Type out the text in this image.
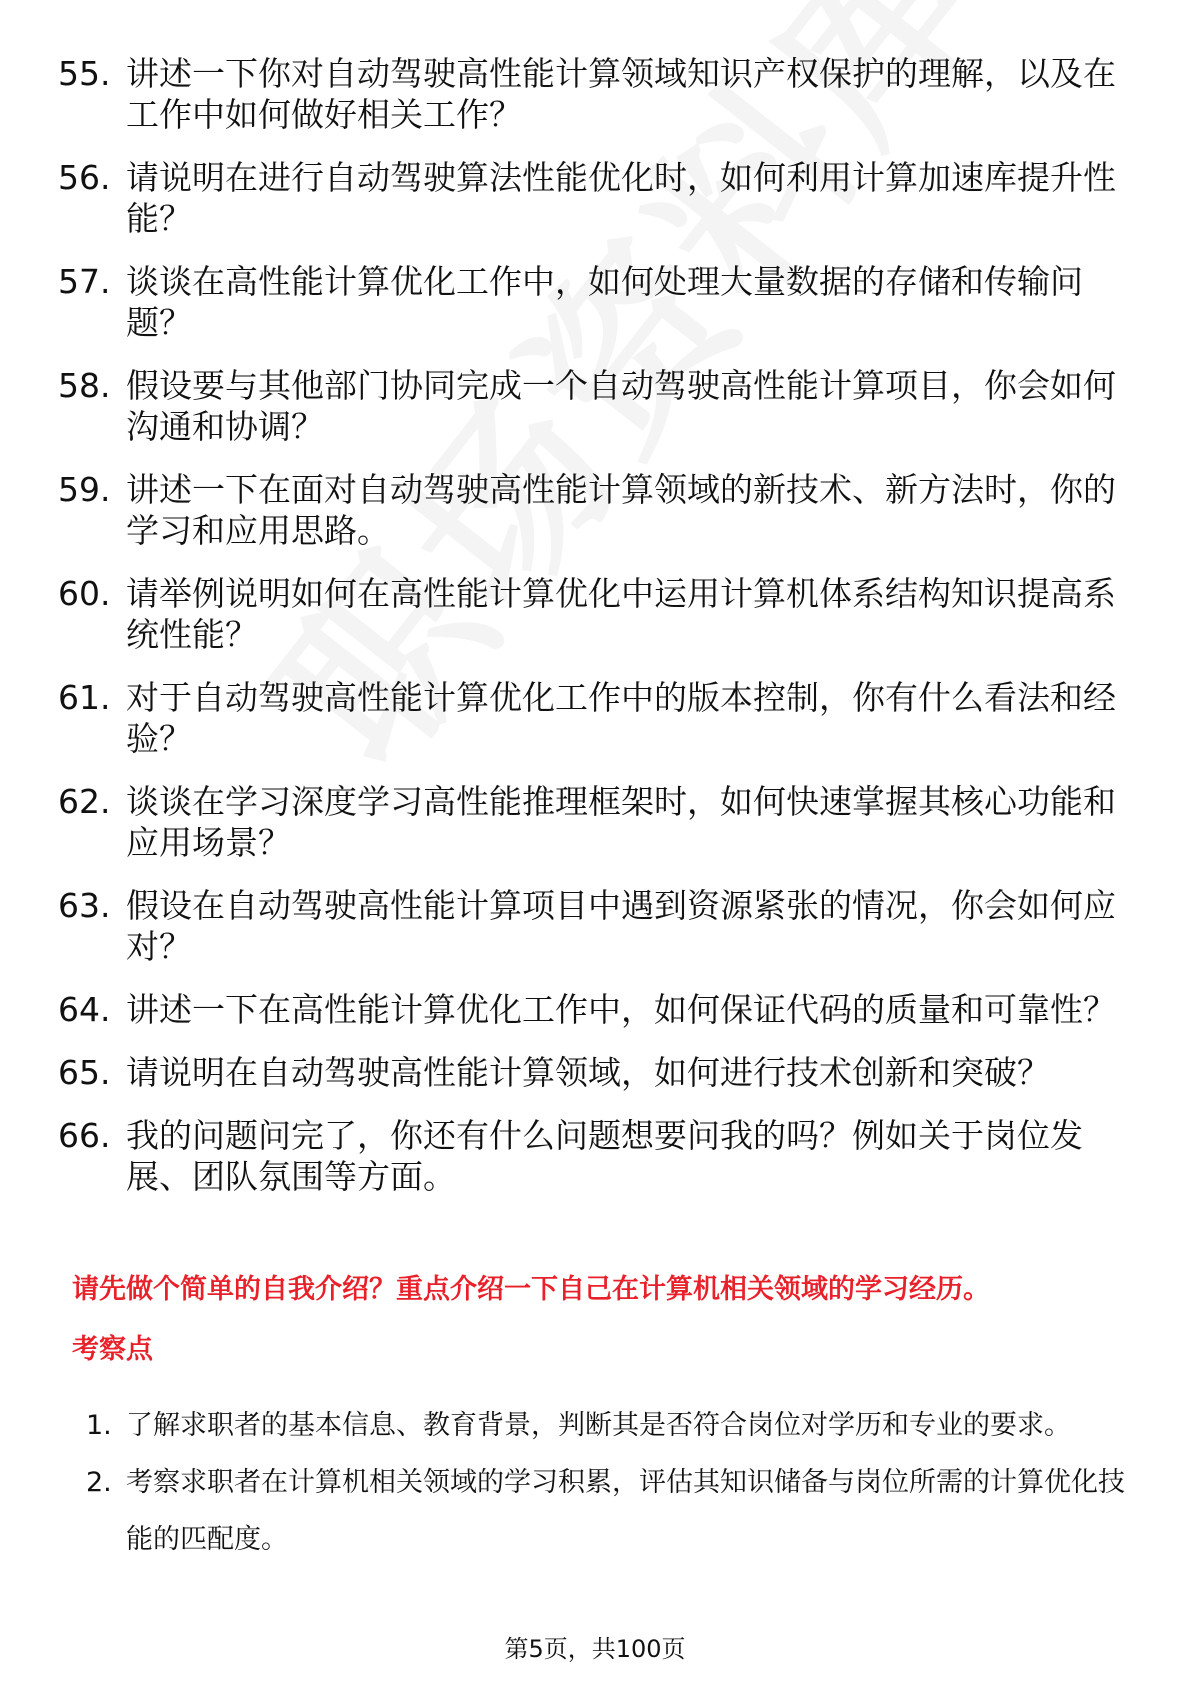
55. 讲述一下你对自动驾驶高性能计算领域知识产权保护的理解，以及在工作中如何做好相关工作？
56. 请说明在进行自动驾驶算法性能优化时，如何利用计算加速库提升性能？
57. 谈谈在高性能计算优化工作中，如何处理大量数据的存储和传输问题？
58. 假设要与其他部门协同完成一个自动驾驶高性能计算项目，你会如何沟通和协调？
59. 讲述一下在面对自动驾驶高性能计算领域的新技术、新方法时，你的学习和应用思路。
60. 请举例说明如何在高性能计算优化中运用计算机体系结构知识提高系统性能？
61. 对于自动驾驶高性能计算优化工作中的版本控制，你有什么看法和经验？
62. 谈谈在学习深度学习高性能推理框架时，如何快速掌握其核心功能和应用场景？
63. 假设在自动驾驶高性能计算项目中遇到资源紧张的情况，你会如何应对？
64. 讲述一下在高性能计算优化工作中，如何保证代码的质量和可靠性？
65. 请说明在自动驾驶高性能计算领域，如何进行技术创新和突破？
66. 我的问题问完了，你还有什么问题想要问我的吗？例如关于岗位发展、团队氛围等方面。
请先做个简单的自我介绍？重点介绍一下自己在计算机相关领域的学习经历。
考察点
1. 了解求职者的基本信息、教育背景，判断其是否符合岗位对学历和专业的要求。
2. 考察求职者在计算机相关领域的学习积累，评估其知识储备与岗位所需的计算优化技能的匹配度。
第5页，共100页
